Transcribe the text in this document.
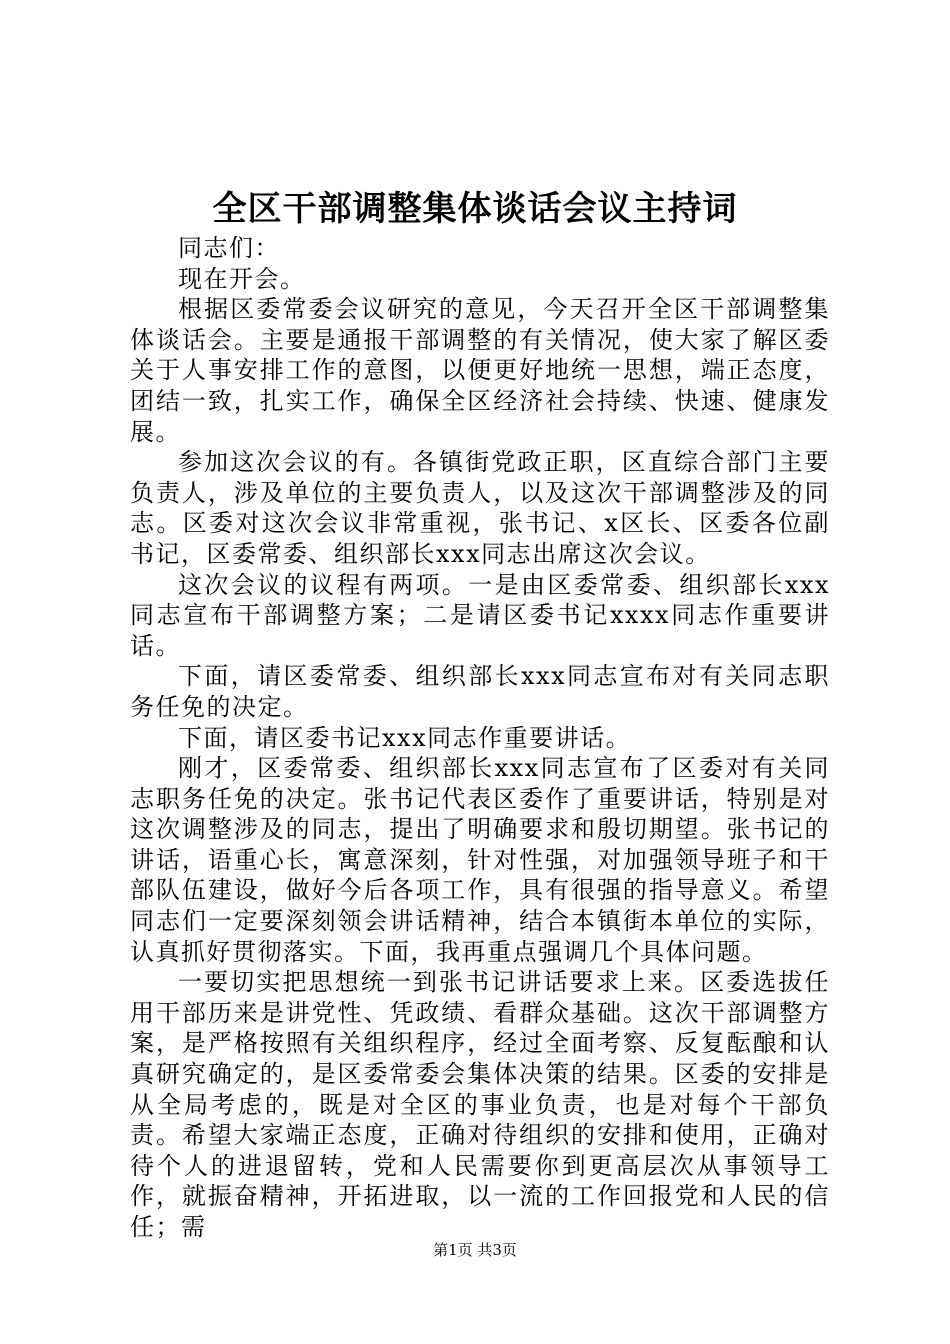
全区干部调整集体谈话会议主持词

同志们：

现在开会。

根据区委常委会议研究的意见，今天召开全区干部调整集体谈话会。主要是通报干部调整的有关情况，使大家了解区委关于人事安排工作的意图，以便更好地统一思想，端正态度，团结一致，扎实工作，确保全区经济社会持续、快速、健康发展。

参加这次会议的有。各镇街党政正职，区直综合部门主要负责人，涉及单位的主要负责人，以及这次干部调整涉及的同志。区委对这次会议非常重视，张书记、x区长、区委各位副书记，区委常委、组织部长xxx同志出席这次会议。

这次会议的议程有两项。一是由区委常委、组织部长xxx同志宣布干部调整方案；二是请区委书记xxxx同志作重要讲话。

下面，请区委常委、组织部长xxx同志宣布对有关同志职务任免的决定。

下面，请区委书记xxx同志作重要讲话。

刚才，区委常委、组织部长xxx同志宣布了区委对有关同志职务任免的决定。张书记代表区委作了重要讲话，特别是对这次调整涉及的同志，提出了明确要求和殷切期望。张书记的讲话，语重心长，寓意深刻，针对性强，对加强领导班子和干部队伍建设，做好今后各项工作，具有很强的指导意义。希望同志们一定要深刻领会讲话精神，结合本镇街本单位的实际，认真抓好贯彻落实。下面，我再重点强调几个具体问题。

一要切实把思想统一到张书记讲话要求上来。区委选拔任用干部历来是讲党性、凭政绩、看群众基础。这次干部调整方案，是严格按照有关组织程序，经过全面考察、反复酝酿和认真研究确定的，是区委常委会集体决策的结果。区委的安排是从全局考虑的，既是对全区的事业负责，也是对每个干部负责。希望大家端正态度，正确对待组织的安排和使用，正确对待个人的进退留转，党和人民需要你到更高层次从事领导工作，就振奋精神，开拓进取，以一流的工作回报党和人民的信任；需

第1页 共3页
